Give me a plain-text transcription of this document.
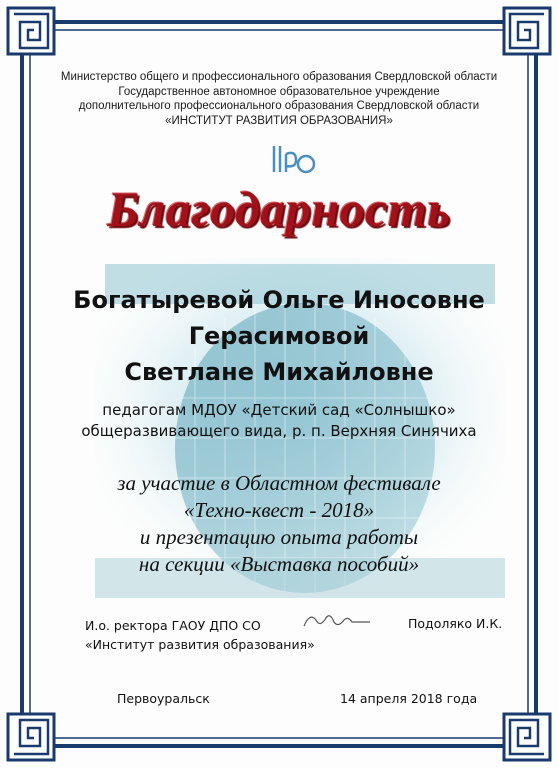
Министерство общего и профессионального образования Свердловской области
Государственное автономное образовательное учреждение
дополнительного профессионального образования Свердловской области
«ИНСТИТУТ РАЗВИТИЯ ОБРАЗОВАНИЯ»
Благодарность
Богатыревой Ольге Иносовне
Герасимовой
Светлане Михайловне
педагогам МДОУ «Детский сад «Солнышко»
общеразвивающего вида, р. п. Верхняя Синячиха
за участие в Областном фестивале
«Техно-квест - 2018»
и презентацию опыта работы
на секции «Выставка пособий»
И.о. ректора ГАОУ ДПО СО
«Институт развития образования»
Подоляко И.К.
Первоуральск	14 апреля 2018 года
